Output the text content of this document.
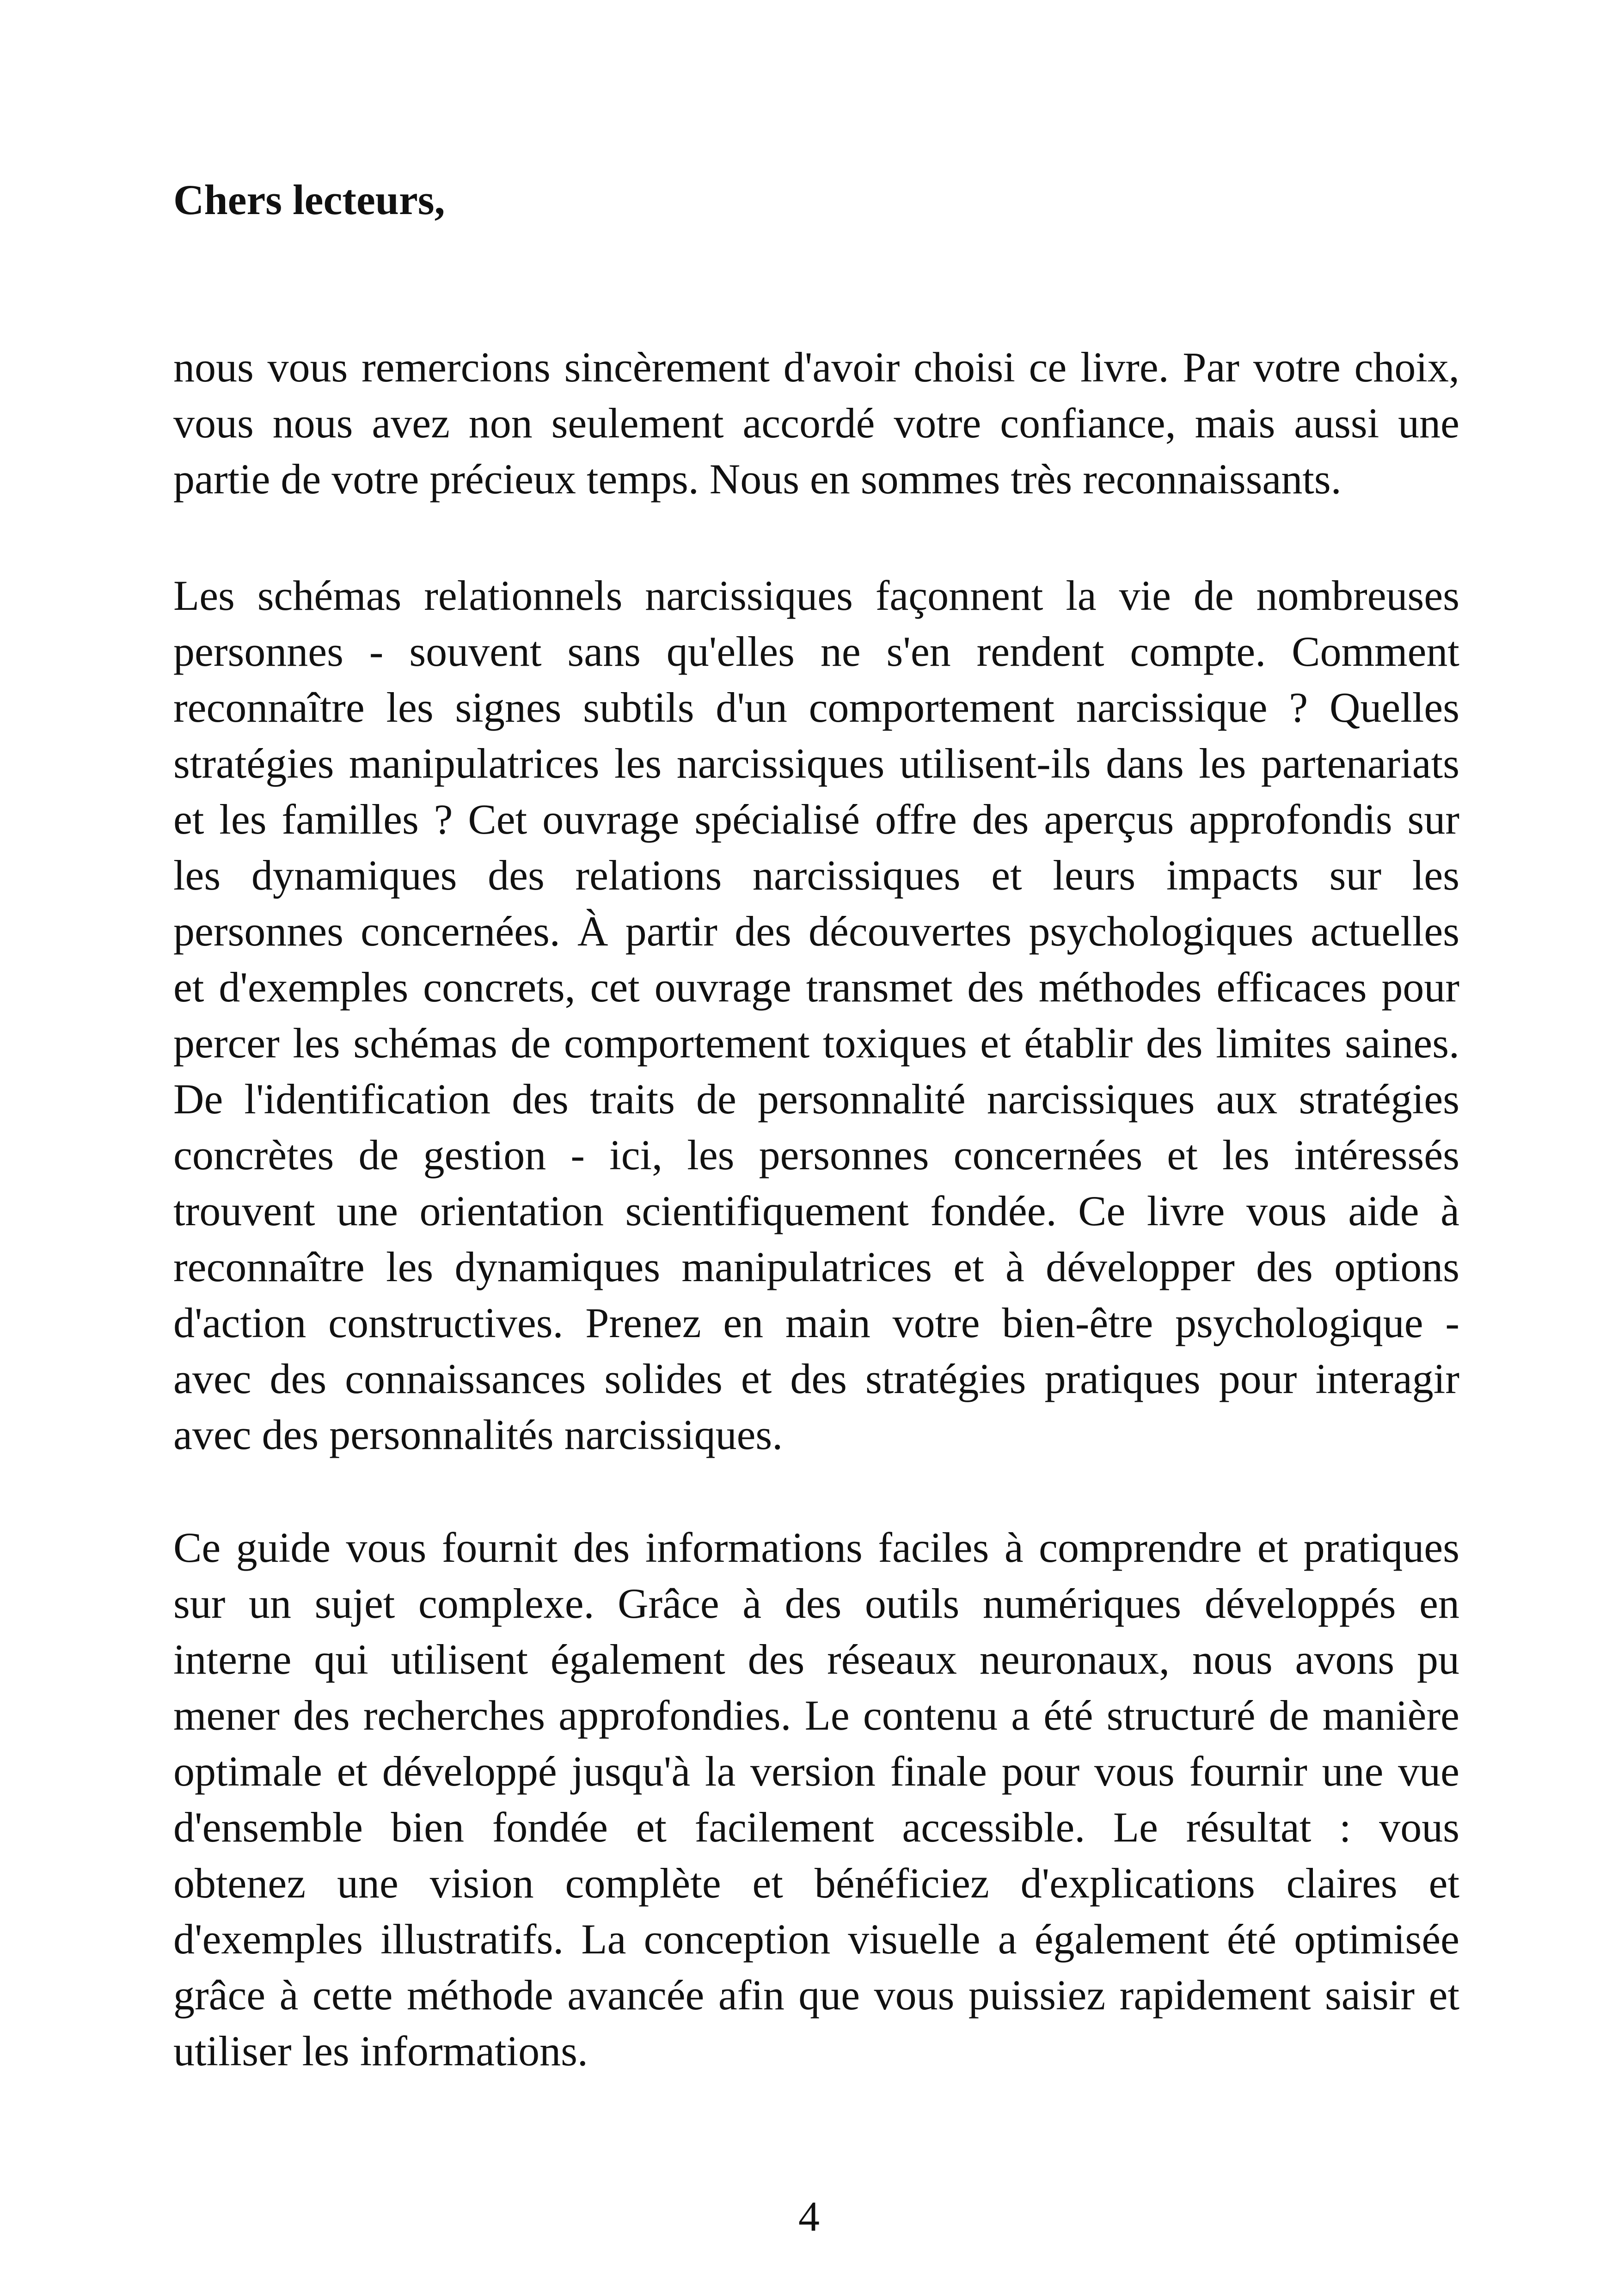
Chers lecteurs,
nous vous remercions sincèrement d'avoir choisi ce livre. Par votre choix,
vous nous avez non seulement accordé votre confiance, mais aussi une
partie de votre précieux temps. Nous en sommes très reconnaissants.
Les schémas relationnels narcissiques façonnent la vie de nombreuses
personnes - souvent sans qu'elles ne s'en rendent compte. Comment
reconnaître les signes subtils d'un comportement narcissique ? Quelles
stratégies manipulatrices les narcissiques utilisent-ils dans les partenariats
et les familles ? Cet ouvrage spécialisé offre des aperçus approfondis sur
les dynamiques des relations narcissiques et leurs impacts sur les
personnes concernées. À partir des découvertes psychologiques actuelles
et d'exemples concrets, cet ouvrage transmet des méthodes efficaces pour
percer les schémas de comportement toxiques et établir des limites saines.
De l'identification des traits de personnalité narcissiques aux stratégies
concrètes de gestion - ici, les personnes concernées et les intéressés
trouvent une orientation scientifiquement fondée. Ce livre vous aide à
reconnaître les dynamiques manipulatrices et à développer des options
d'action constructives. Prenez en main votre bien-être psychologique -
avec des connaissances solides et des stratégies pratiques pour interagir
avec des personnalités narcissiques.
Ce guide vous fournit des informations faciles à comprendre et pratiques
sur un sujet complexe. Grâce à des outils numériques développés en
interne qui utilisent également des réseaux neuronaux, nous avons pu
mener des recherches approfondies. Le contenu a été structuré de manière
optimale et développé jusqu'à la version finale pour vous fournir une vue
d'ensemble bien fondée et facilement accessible. Le résultat : vous
obtenez une vision complète et bénéficiez d'explications claires et
d'exemples illustratifs. La conception visuelle a également été optimisée
grâce à cette méthode avancée afin que vous puissiez rapidement saisir et
utiliser les informations.
4
